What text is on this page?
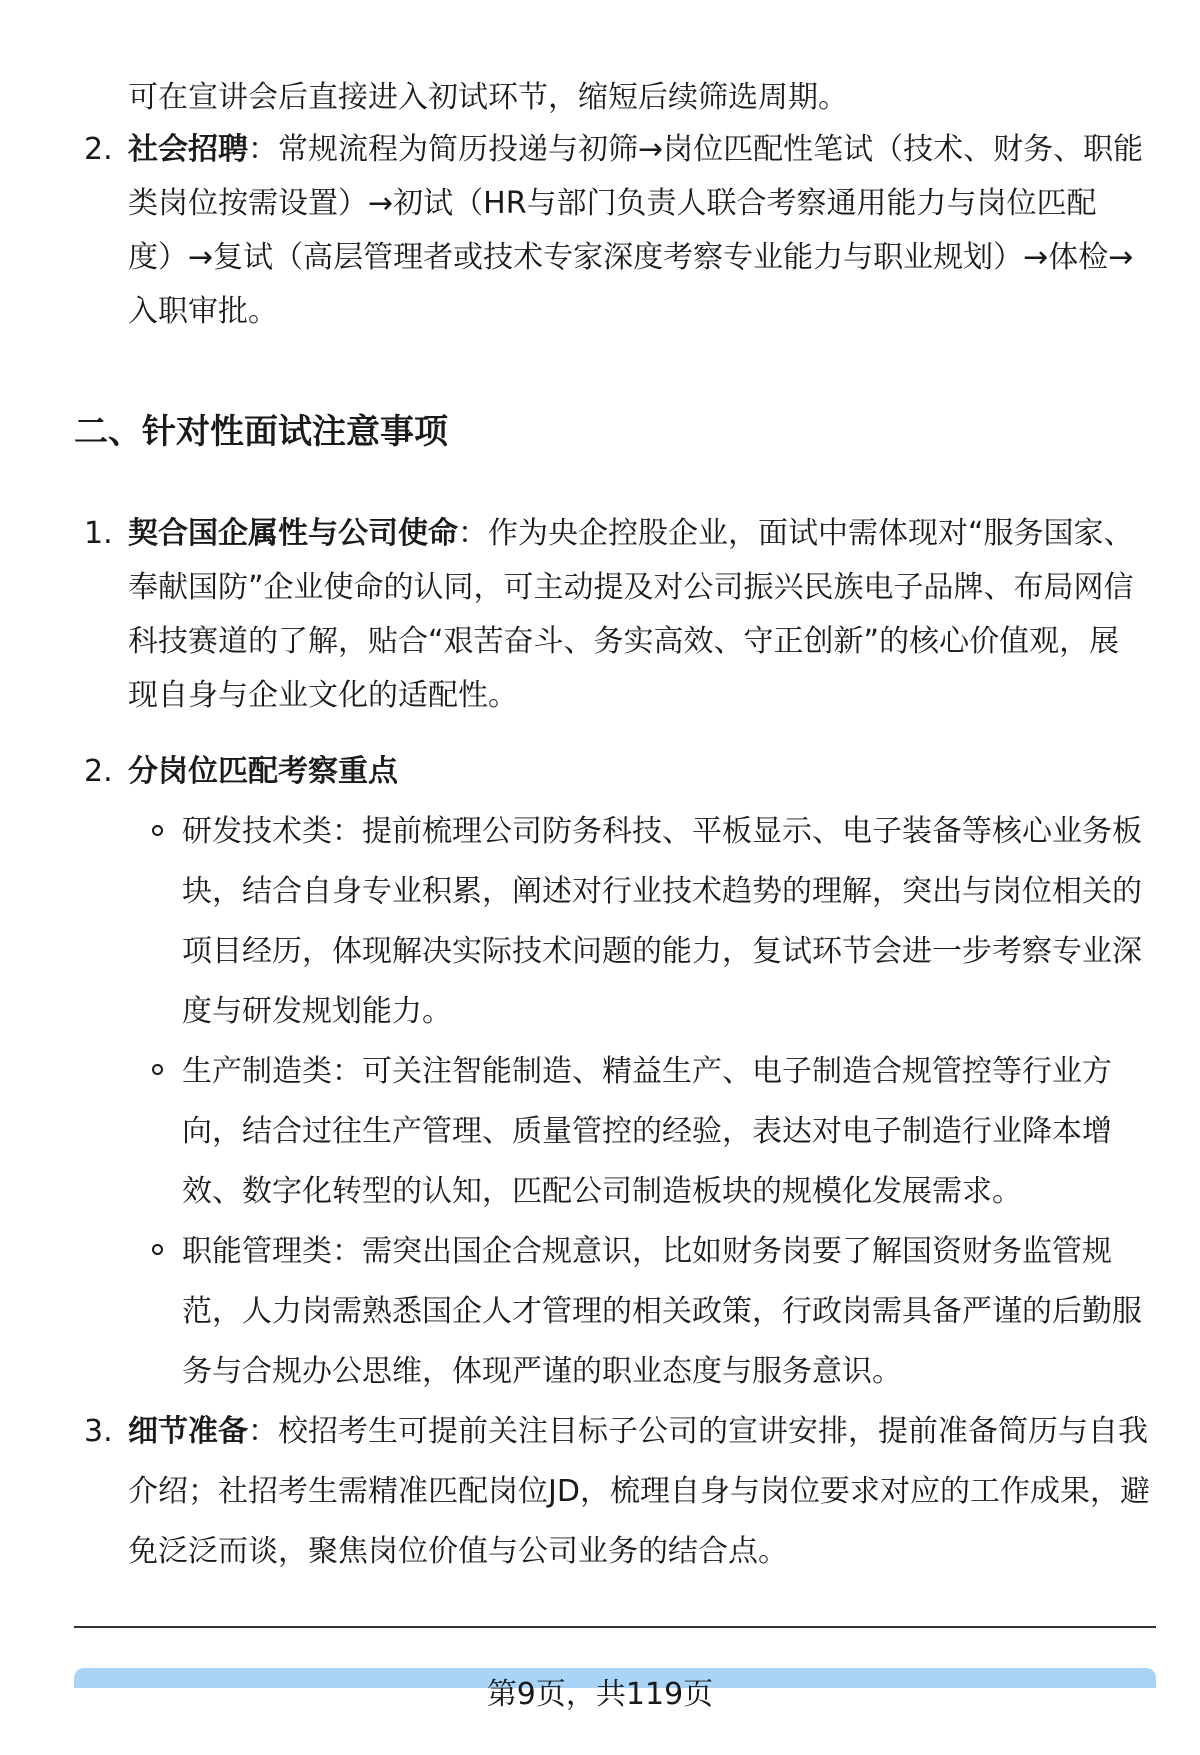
可在宣讲会后直接进入初试环节，缩短后续筛选周期。
2. 社会招聘：常规流程为简历投递与初筛→岗位匹配性笔试（技术、财务、职能
类岗位按需设置）→初试（HR与部门负责人联合考察通用能力与岗位匹配
度）→复试（高层管理者或技术专家深度考察专业能力与职业规划）→体检→
入职审批。
二、针对性面试注意事项
1. 契合国企属性与公司使命：作为央企控股企业，面试中需体现对“服务国家、
奉献国防”企业使命的认同，可主动提及对公司振兴民族电子品牌、布局网信
科技赛道的了解，贴合“艰苦奋斗、务实高效、守正创新”的核心价值观，展
现自身与企业文化的适配性。
2. 分岗位匹配考察重点
研发技术类：提前梳理公司防务科技、平板显示、电子装备等核心业务板
块，结合自身专业积累，阐述对行业技术趋势的理解，突出与岗位相关的
项目经历，体现解决实际技术问题的能力，复试环节会进一步考察专业深
度与研发规划能力。
生产制造类：可关注智能制造、精益生产、电子制造合规管控等行业方
向，结合过往生产管理、质量管控的经验，表达对电子制造行业降本增
效、数字化转型的认知，匹配公司制造板块的规模化发展需求。
职能管理类：需突出国企合规意识，比如财务岗要了解国资财务监管规
范，人力岗需熟悉国企人才管理的相关政策，行政岗需具备严谨的后勤服
务与合规办公思维，体现严谨的职业态度与服务意识。
3. 细节准备：校招考生可提前关注目标子公司的宣讲安排，提前准备简历与自我
介绍；社招考生需精准匹配岗位JD，梳理自身与岗位要求对应的工作成果，避
免泛泛而谈，聚焦岗位价值与公司业务的结合点。
第9页，共119页
